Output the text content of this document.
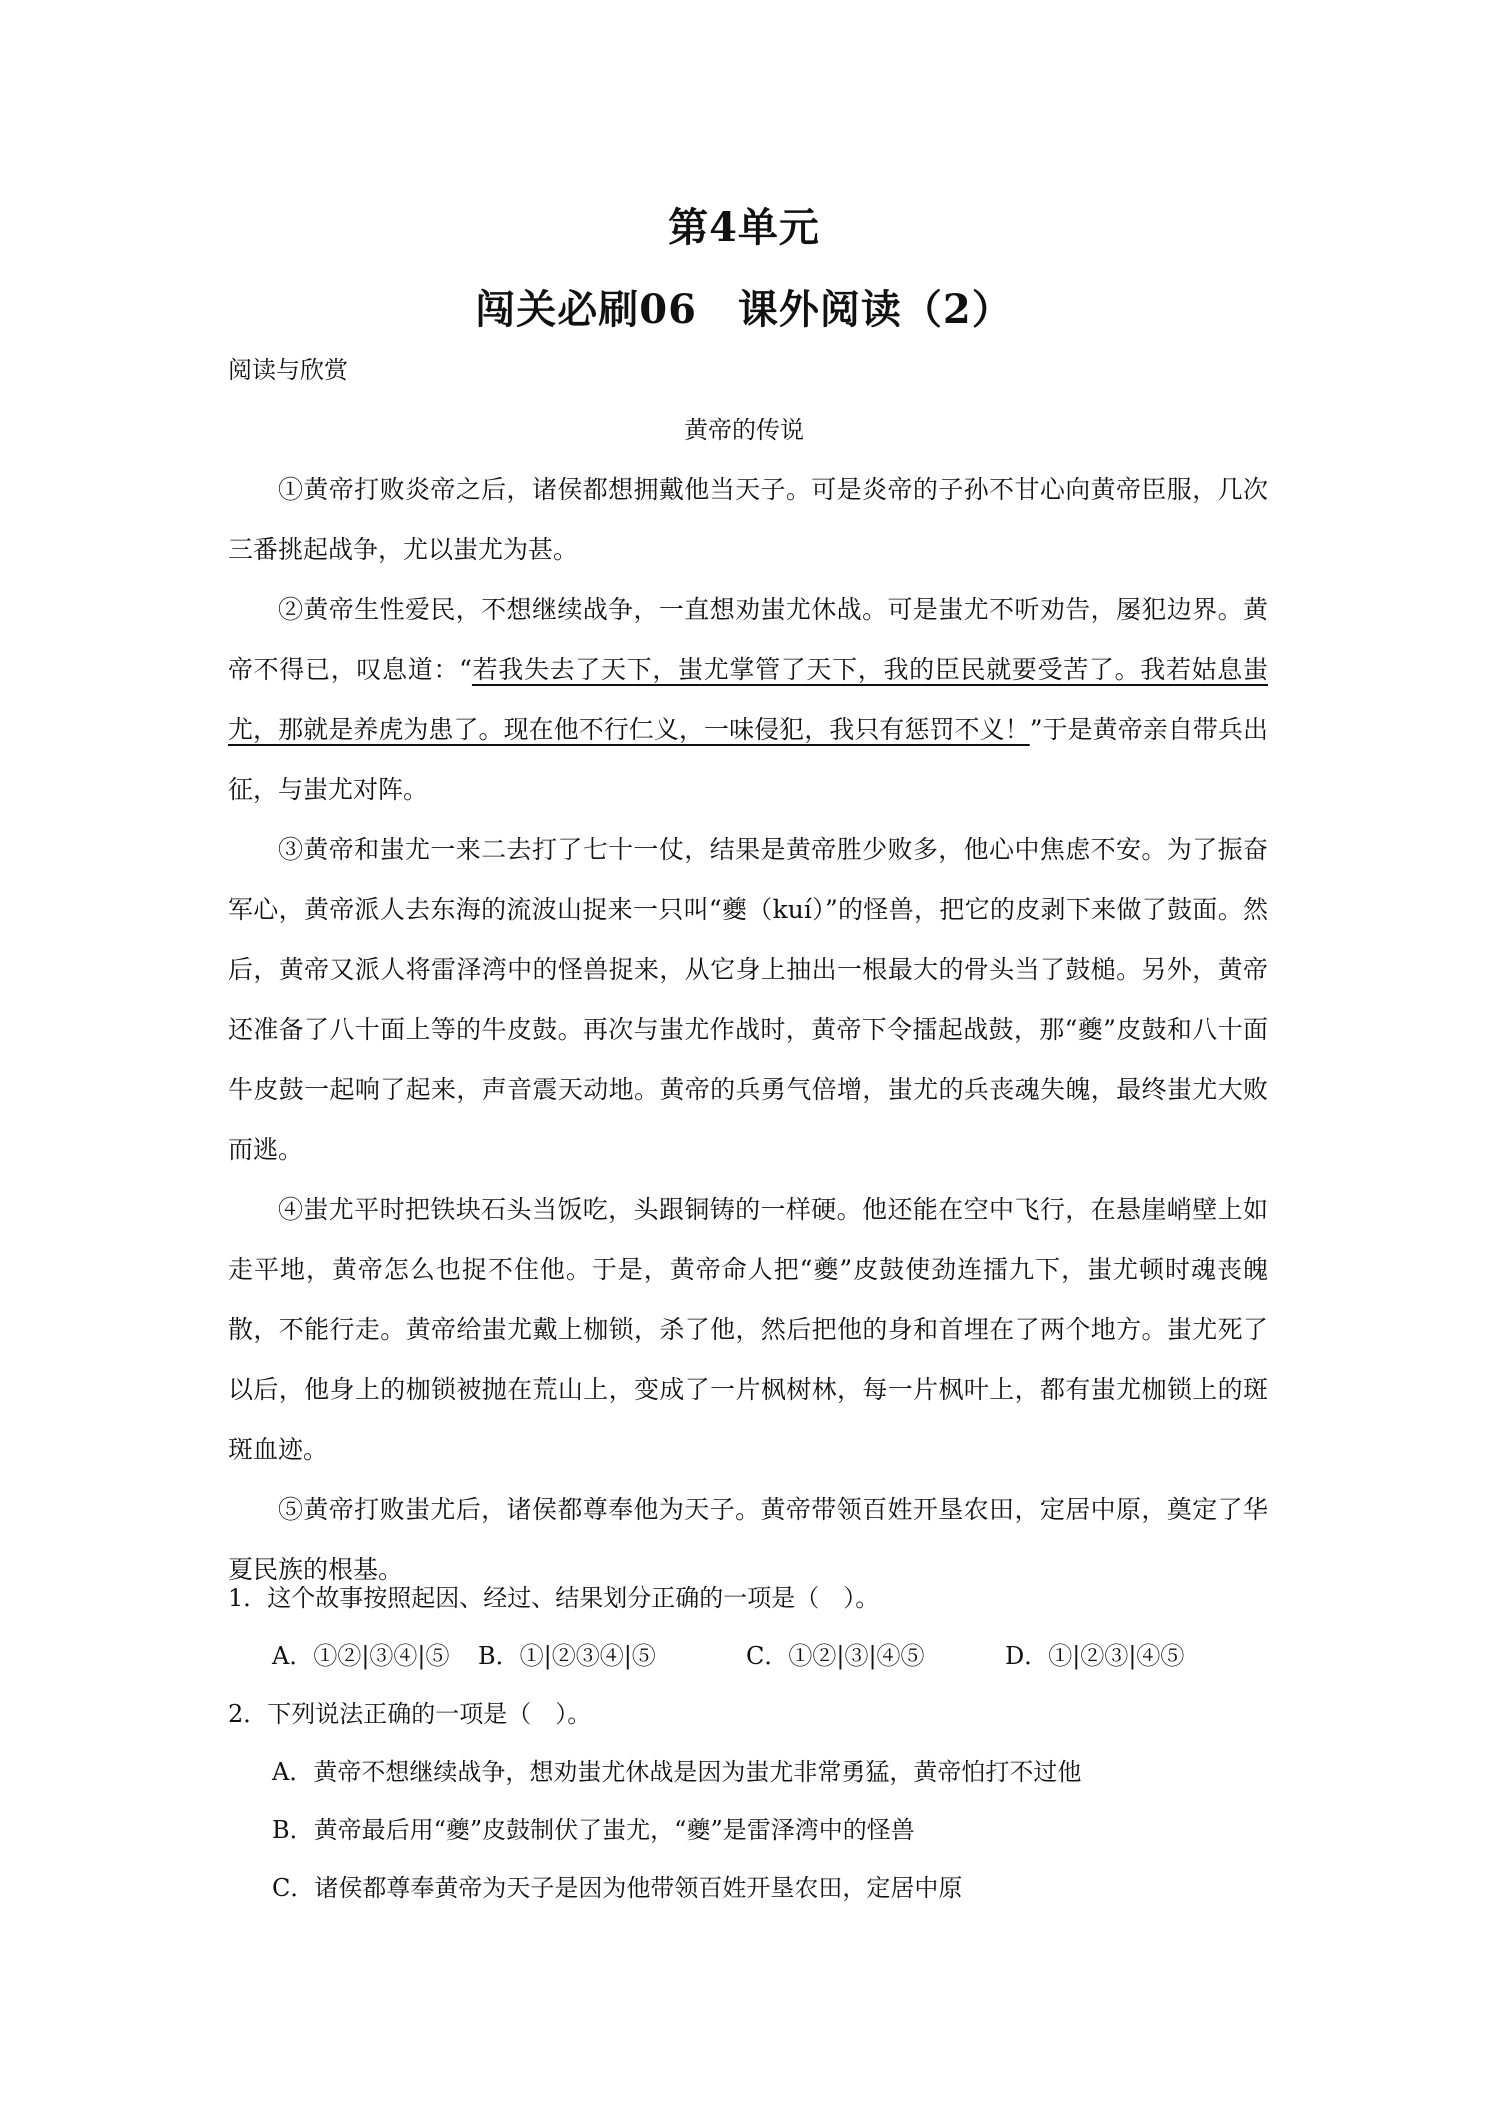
第4单元
闯关必刷06　课外阅读（2）
阅读与欣赏
黄帝的传说

①黄帝打败炎帝之后，诸侯都想拥戴他当天子。可是炎帝的子孙不甘心向黄帝臣服，几次三番挑起战争，尤以蚩尤为甚。

②黄帝生性爱民，不想继续战争，一直想劝蚩尤休战。可是蚩尤不听劝告，屡犯边界。黄帝不得已，叹息道：“若我失去了天下，蚩尤掌管了天下，我的臣民就要受苦了。我若姑息蚩尤，那就是养虎为患了。现在他不行仁义，一味侵犯，我只有惩罚不义！”于是黄帝亲自带兵出征，与蚩尤对阵。

③黄帝和蚩尤一来二去打了七十一仗，结果是黄帝胜少败多，他心中焦虑不安。为了振奋军心，黄帝派人去东海的流波山捉来一只叫“夔（kuí）”的怪兽，把它的皮剥下来做了鼓面。然后，黄帝又派人将雷泽湾中的怪兽捉来，从它身上抽出一根最大的骨头当了鼓槌。另外，黄帝还准备了八十面上等的牛皮鼓。再次与蚩尤作战时，黄帝下令擂起战鼓，那“夔”皮鼓和八十面牛皮鼓一起响了起来，声音震天动地。黄帝的兵勇气倍增，蚩尤的兵丧魂失魄，最终蚩尤大败而逃。

④蚩尤平时把铁块石头当饭吃，头跟铜铸的一样硬。他还能在空中飞行，在悬崖峭壁上如走平地，黄帝怎么也捉不住他。于是，黄帝命人把“夔”皮鼓使劲连擂九下，蚩尤顿时魂丧魄散，不能行走。黄帝给蚩尤戴上枷锁，杀了他，然后把他的身和首埋在了两个地方。蚩尤死了以后，他身上的枷锁被抛在荒山上，变成了一片枫树林，每一片枫叶上，都有蚩尤枷锁上的斑斑血迹。

⑤黄帝打败蚩尤后，诸侯都尊奉他为天子。黄帝带领百姓开垦农田，定居中原，奠定了华夏民族的根基。

1．这个故事按照起因、经过、结果划分正确的一项是（　）。
A．①②|③④|⑤ B．①|②③④|⑤	C．①②|③|④⑤	D．①|②③|④⑤
2．下列说法正确的一项是（　）。
A．黄帝不想继续战争，想劝蚩尤休战是因为蚩尤非常勇猛，黄帝怕打不过他
B．黄帝最后用“夔”皮鼓制伏了蚩尤，“夔”是雷泽湾中的怪兽
C．诸侯都尊奉黄帝为天子是因为他带领百姓开垦农田，定居中原
